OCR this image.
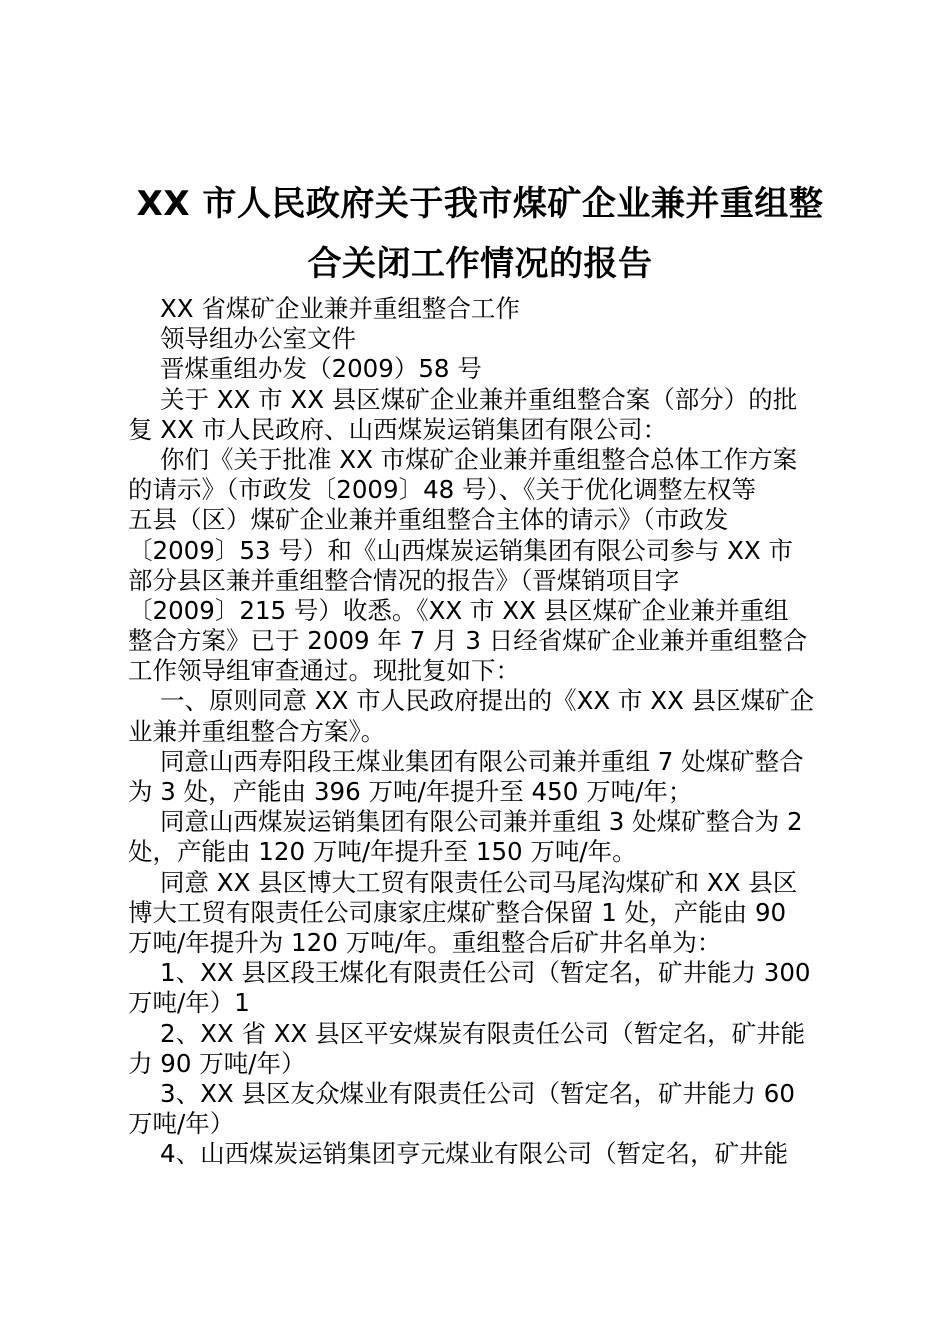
XX 市人民政府关于我市煤矿企业兼并重组整
合关闭工作情况的报告
XX 省煤矿企业兼并重组整合工作
领导组办公室文件
晋煤重组办发（2009）58 号
关于 XX 市 XX 县区煤矿企业兼并重组整合案（部分）的批
复 XX 市人民政府、山西煤炭运销集团有限公司：
你们《关于批准 XX 市煤矿企业兼并重组整合总体工作方案
的请示》（市政发〔2009〕48 号）、《关于优化调整左权等
五县（区）煤矿企业兼并重组整合主体的请示》（市政发
〔2009〕53 号）和《山西煤炭运销集团有限公司参与 XX 市
部分县区兼并重组整合情况的报告》（晋煤销项目字
〔2009〕215 号）收悉。《XX 市 XX 县区煤矿企业兼并重组
整合方案》已于 2009 年 7 月 3 日经省煤矿企业兼并重组整合
工作领导组审查通过。现批复如下：
一、原则同意 XX 市人民政府提出的《XX 市 XX 县区煤矿企
业兼并重组整合方案》。
同意山西寿阳段王煤业集团有限公司兼并重组 7 处煤矿整合
为 3 处，产能由 396 万吨/年提升至 450 万吨/年；
同意山西煤炭运销集团有限公司兼并重组 3 处煤矿整合为 2
处，产能由 120 万吨/年提升至 150 万吨/年。
同意 XX 县区博大工贸有限责任公司马尾沟煤矿和 XX 县区
博大工贸有限责任公司康家庄煤矿整合保留 1 处，产能由 90
万吨/年提升为 120 万吨/年。重组整合后矿井名单为：
1、XX 县区段王煤化有限责任公司（暂定名，矿井能力 300
万吨/年）1
2、XX 省 XX 县区平安煤炭有限责任公司（暂定名，矿井能
力 90 万吨/年）
3、XX 县区友众煤业有限责任公司（暂定名，矿井能力 60
万吨/年）
4、山西煤炭运销集团亨元煤业有限公司（暂定名，矿井能
